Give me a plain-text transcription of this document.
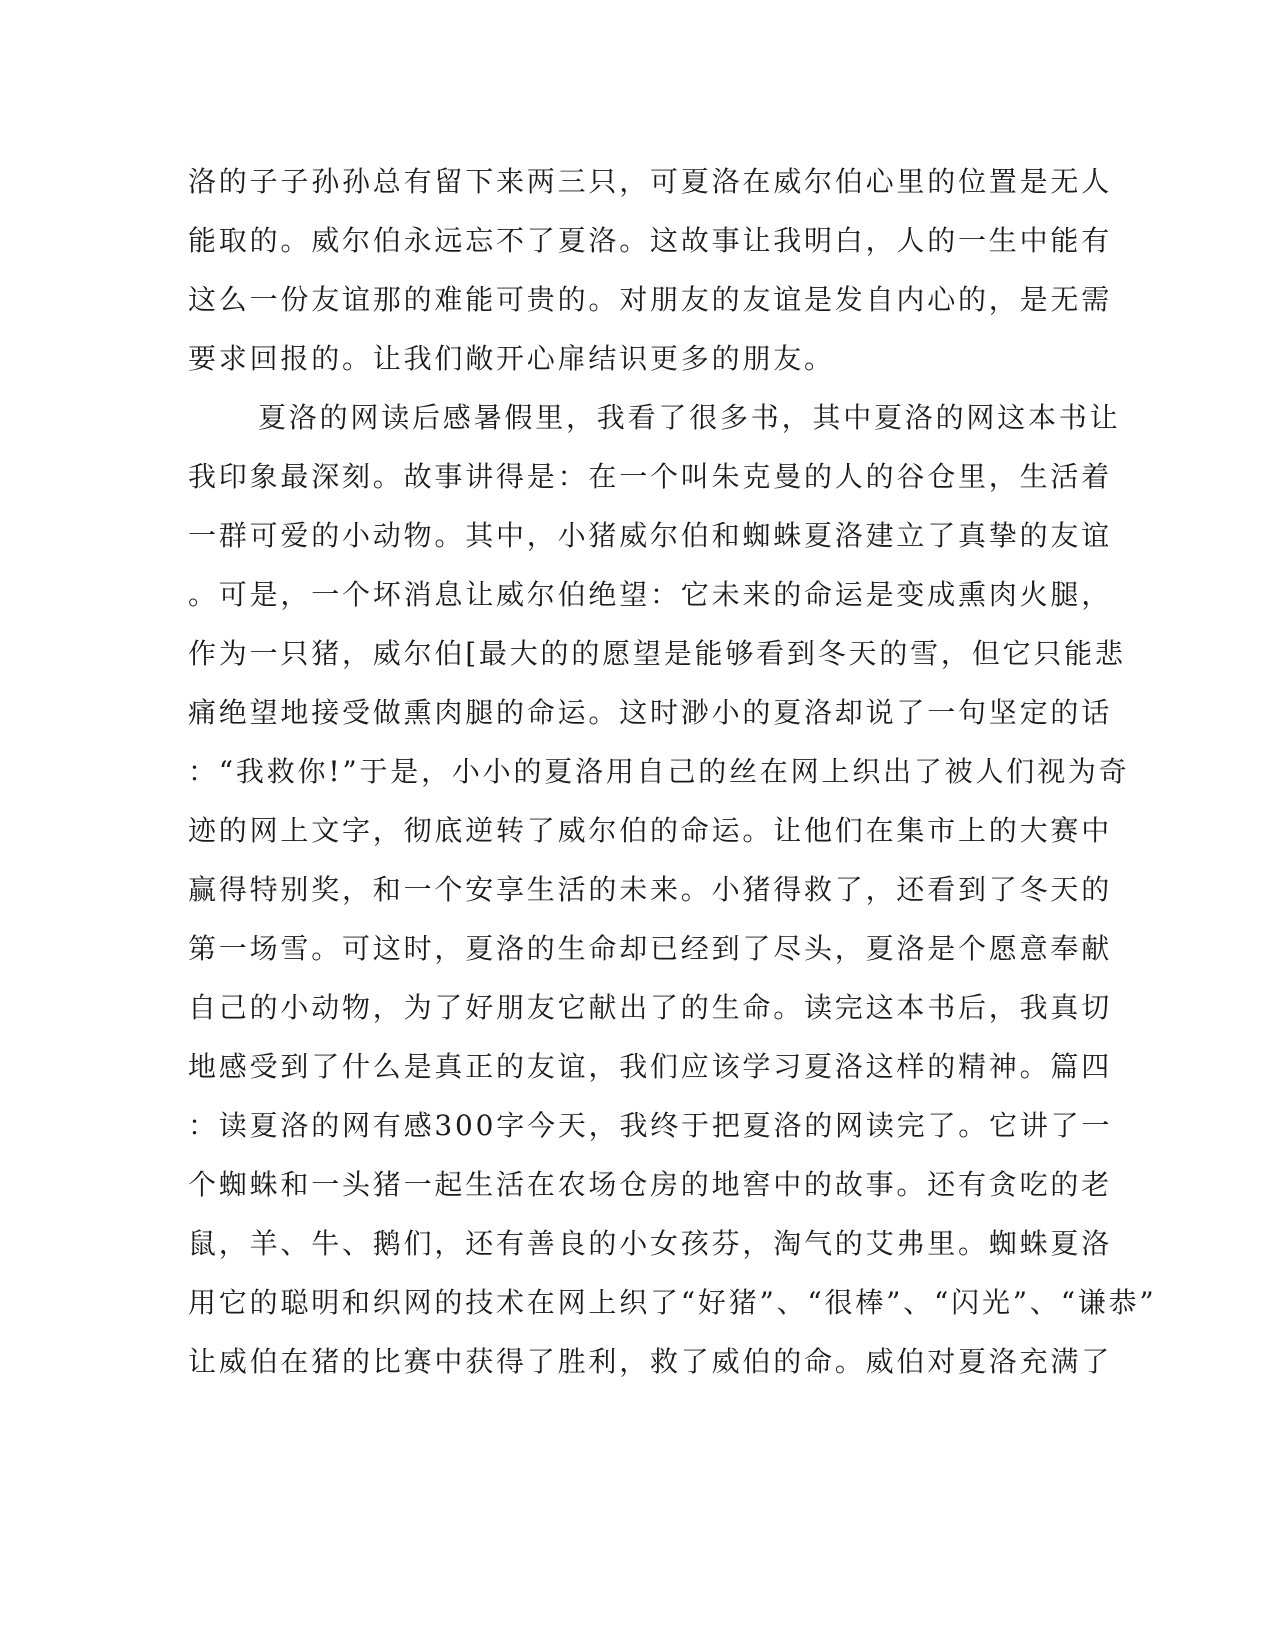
洛的子子孙孙总有留下来两三只，可夏洛在威尔伯心里的位置是无人
能取的。威尔伯永远忘不了夏洛。这故事让我明白，人的一生中能有
这么一份友谊那的难能可贵的。对朋友的友谊是发自内心的，是无需
要求回报的。让我们敞开心扉结识更多的朋友。
夏洛的网读后感暑假里，我看了很多书，其中夏洛的网这本书让
我印象最深刻。故事讲得是：在一个叫朱克曼的人的谷仓里，生活着
一群可爱的小动物。其中，小猪威尔伯和蜘蛛夏洛建立了真挚的友谊
。可是，一个坏消息让威尔伯绝望：它未来的命运是变成熏肉火腿，
作为一只猪，威尔伯[最大的的愿望是能够看到冬天的雪，但它只能悲
痛绝望地接受做熏肉腿的命运。这时渺小的夏洛却说了一句坚定的话
：“我救你!”于是，小小的夏洛用自己的丝在网上织出了被人们视为奇
迹的网上文字，彻底逆转了威尔伯的命运。让他们在集市上的大赛中
赢得特别奖，和一个安享生活的未来。小猪得救了，还看到了冬天的
第一场雪。可这时，夏洛的生命却已经到了尽头，夏洛是个愿意奉献
自己的小动物，为了好朋友它献出了的生命。读完这本书后，我真切
地感受到了什么是真正的友谊，我们应该学习夏洛这样的精神。篇四
：读夏洛的网有感300字今天，我终于把夏洛的网读完了。它讲了一
个蜘蛛和一头猪一起生活在农场仓房的地窖中的故事。还有贪吃的老
鼠，羊、牛、鹅们，还有善良的小女孩芬，淘气的艾弗里。蜘蛛夏洛
用它的聪明和织网的技术在网上织了“好猪”、“很棒”、“闪光”、“谦恭”
让威伯在猪的比赛中获得了胜利，救了威伯的命。威伯对夏洛充满了
